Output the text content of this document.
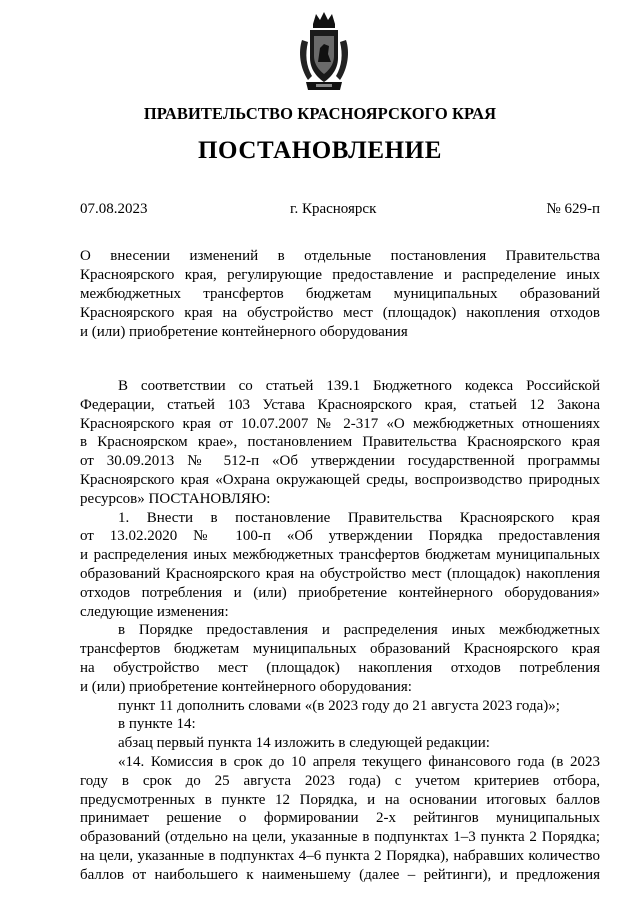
ПРАВИТЕЛЬСТВО КРАСНОЯРСКОГО КРАЯ
ПОСТАНОВЛЕНИЕ
07.08.2023	г. Красноярск	№ 629-п
О внесении изменений в отдельные постановления Правительства
Красноярского края, регулирующие предоставление и распределение иных
межбюджетных трансфертов бюджетам муниципальных образований
Красноярского края на обустройство мест (площадок) накопления отходов
и (или) приобретение контейнерного оборудования
В соответствии со статьей 139.1 Бюджетного кодекса Российской
Федерации, статьей 103 Устава Красноярского края, статьей 12 Закона
Красноярского края от 10.07.2007 № 2-317 «О межбюджетных отношениях
в Красноярском крае», постановлением Правительства Красноярского края
от 30.09.2013 № 512-п «Об утверждении государственной программы
Красноярского края «Охрана окружающей среды, воспроизводство природных
ресурсов» ПОСТАНОВЛЯЮ:
1. Внести в постановление Правительства Красноярского края
от 13.02.2020 № 100-п «Об утверждении Порядка предоставления
и распределения иных межбюджетных трансфертов бюджетам муниципальных
образований Красноярского края на обустройство мест (площадок) накопления
отходов потребления и (или) приобретение контейнерного оборудования»
следующие изменения:
в Порядке предоставления и распределения иных межбюджетных
трансфертов бюджетам муниципальных образований Красноярского края
на обустройство мест (площадок) накопления отходов потребления
и (или) приобретение контейнерного оборудования:
пункт 11 дополнить словами «(в 2023 году до 21 августа 2023 года)»;
в пункте 14:
абзац первый пункта 14 изложить в следующей редакции:
«14. Комиссия в срок до 10 апреля текущего финансового года (в 2023
году в срок до 25 августа 2023 года) с учетом критериев отбора,
предусмотренных в пункте 12 Порядка, и на основании итоговых баллов
принимает решение о формировании 2-х рейтингов муниципальных
образований (отдельно на цели, указанные в подпунктах 1–3 пункта 2 Порядка;
на цели, указанные в подпунктах 4–6 пункта 2 Порядка), набравших количество
баллов от наибольшего к наименьшему (далее – рейтинги), и предложения
